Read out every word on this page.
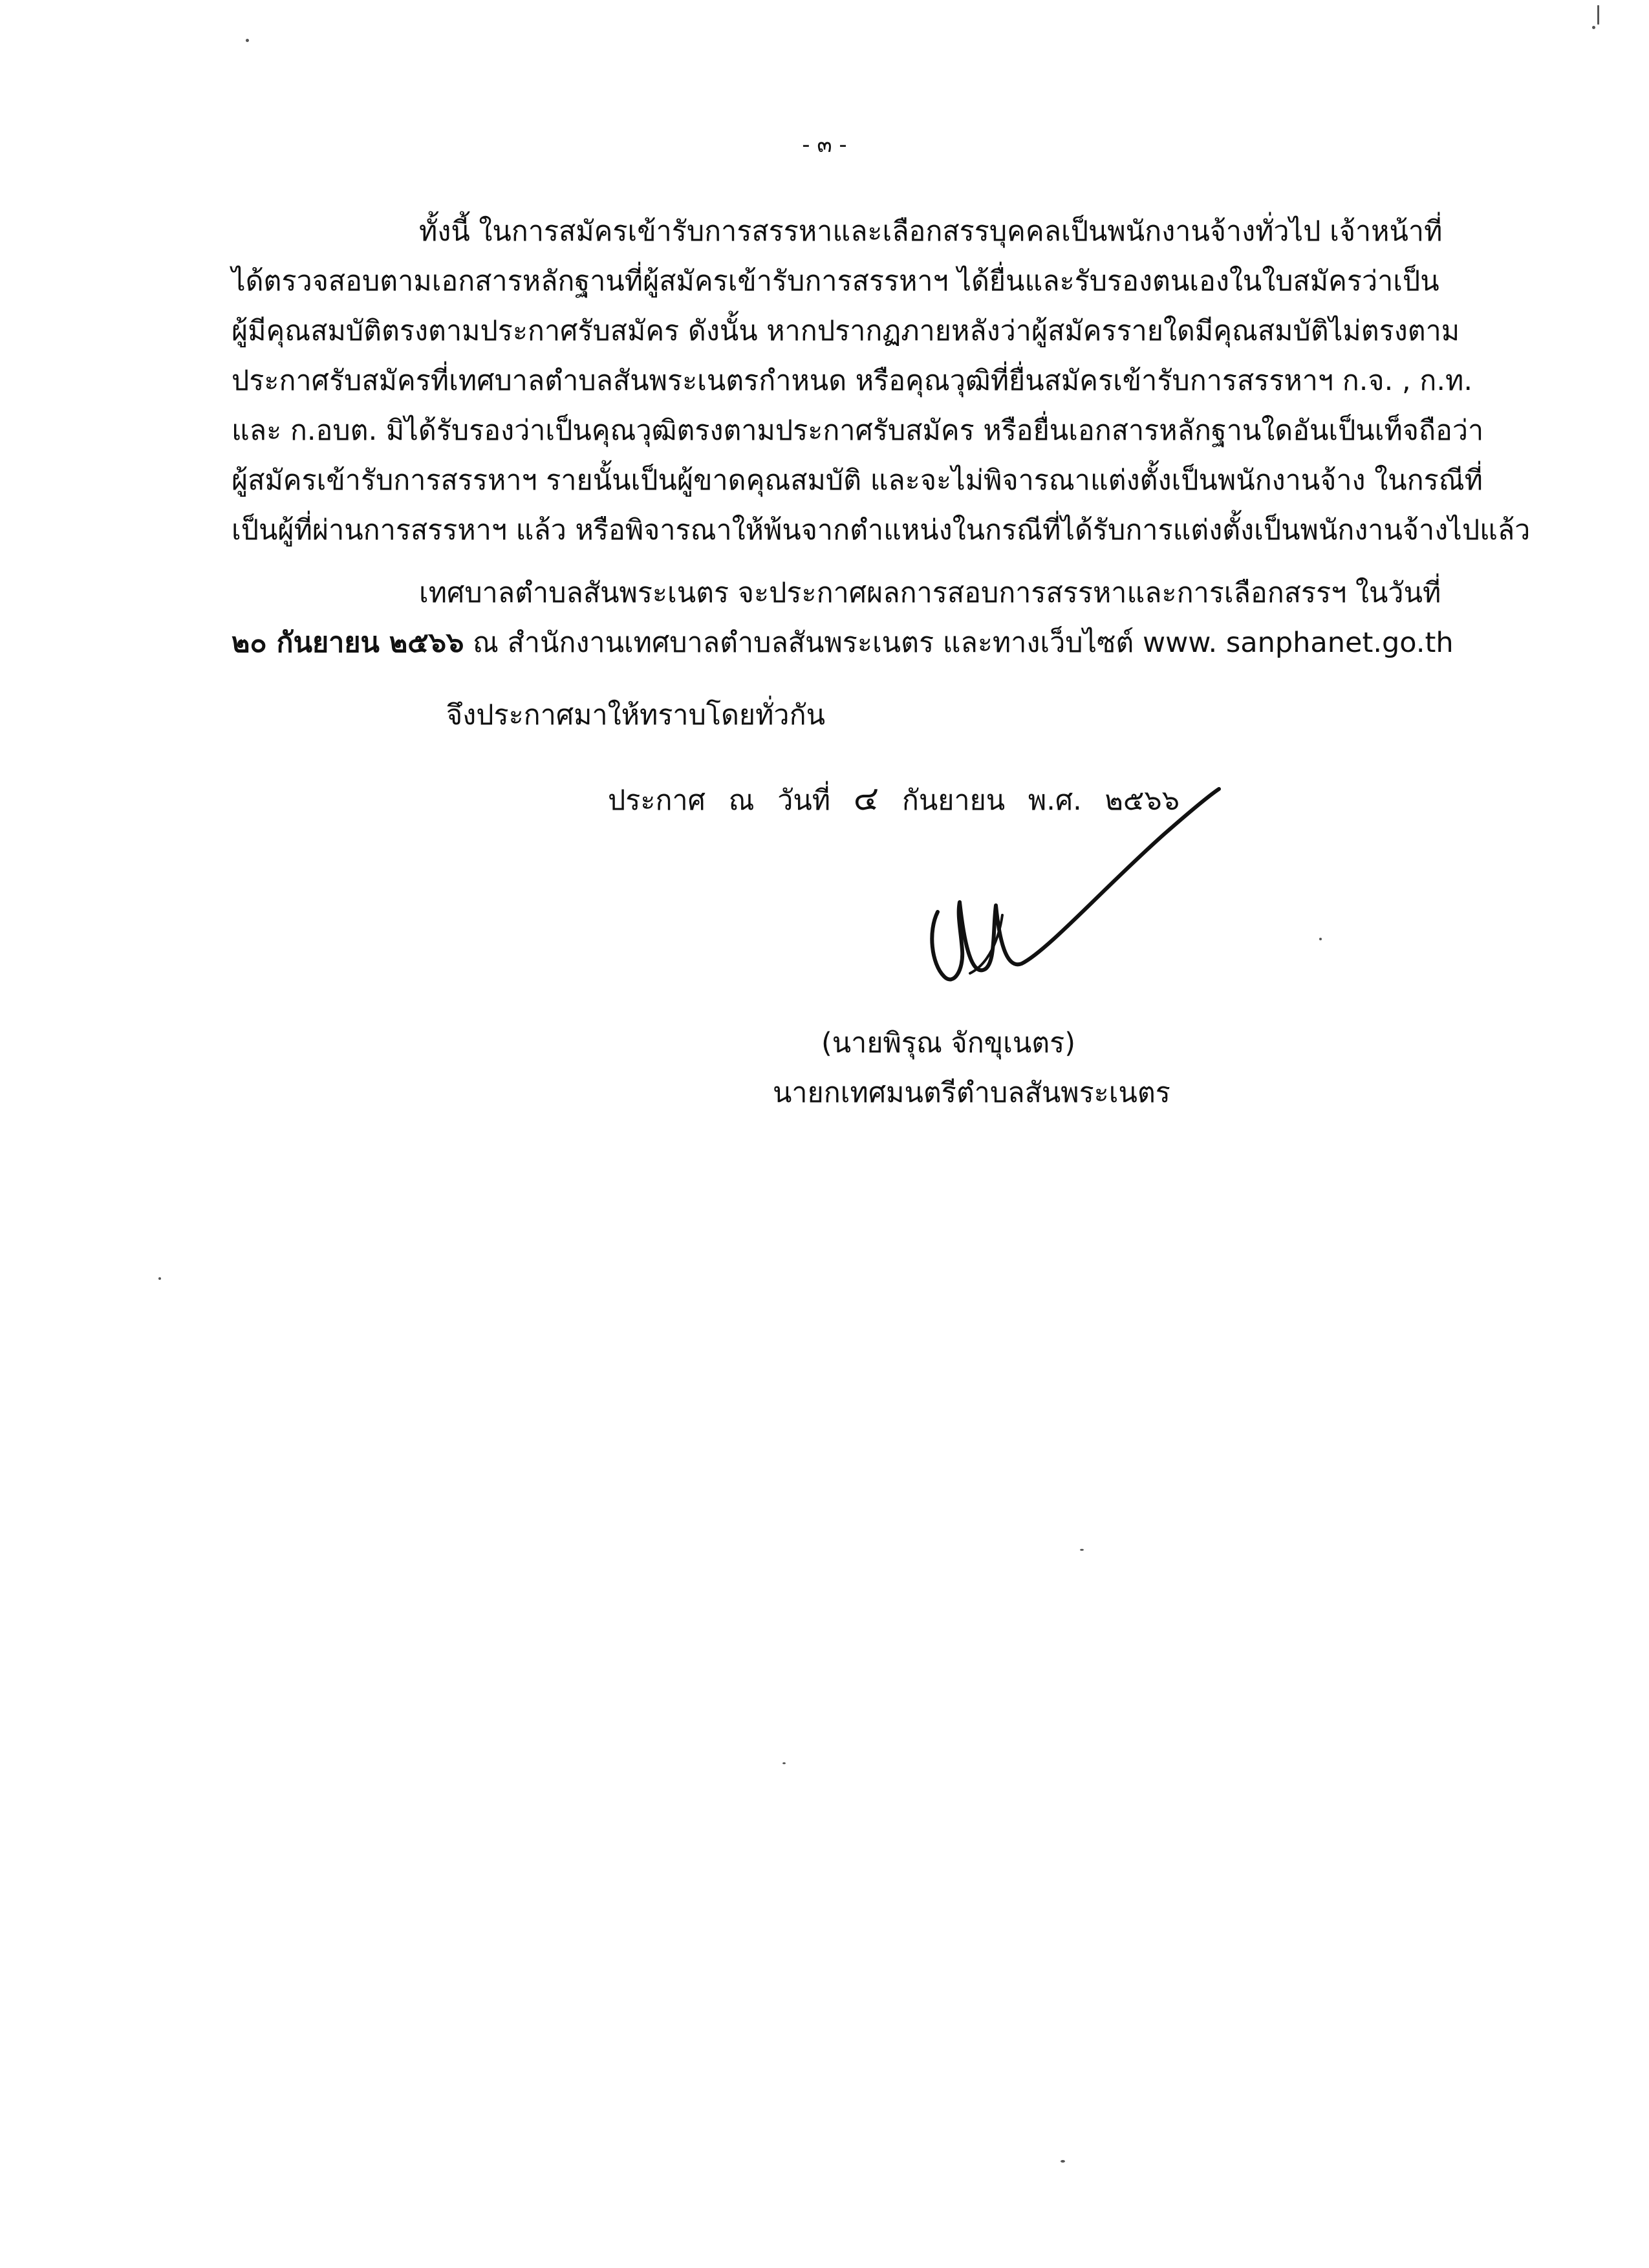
- ๓ -

ทั้งนี้ ในการสมัครเข้ารับการสรรหาและเลือกสรรบุคคลเป็นพนักงานจ้างทั่วไป เจ้าหน้าที่
ได้ตรวจสอบตามเอกสารหลักฐานที่ผู้สมัครเข้ารับการสรรหาฯ ได้ยื่นและรับรองตนเองในใบสมัครว่าเป็น
ผู้มีคุณสมบัติตรงตามประกาศรับสมัคร ดังนั้น หากปรากฏภายหลังว่าผู้สมัครรายใดมีคุณสมบัติไม่ตรงตาม
ประกาศรับสมัครที่เทศบาลตำบลสันพระเนตรกำหนด หรือคุณวุฒิที่ยื่นสมัครเข้ารับการสรรหาฯ ก.จ. , ก.ท.
และ ก.อบต. มิได้รับรองว่าเป็นคุณวุฒิตรงตามประกาศรับสมัคร หรือยื่นเอกสารหลักฐานใดอันเป็นเท็จถือว่า
ผู้สมัครเข้ารับการสรรหาฯ รายนั้นเป็นผู้ขาดคุณสมบัติ และจะไม่พิจารณาแต่งตั้งเป็นพนักงานจ้าง ในกรณีที่
เป็นผู้ที่ผ่านการสรรหาฯ แล้ว หรือพิจารณาให้พ้นจากตำแหน่งในกรณีที่ได้รับการแต่งตั้งเป็นพนักงานจ้างไปแล้ว

เทศบาลตำบลสันพระเนตร จะประกาศผลการสอบการสรรหาและการเลือกสรรฯ ในวันที่
๒๐ กันยายน ๒๕๖๖ ณ สำนักงานเทศบาลตำบลสันพระเนตร และทางเว็บไซต์ www. sanphanet.go.th

จึงประกาศมาให้ทราบโดยทั่วกัน
ประกาศ ณ วันที่ ๔ กันยายน พ.ศ. ๒๕๖๖
(นายพิรุณ จักขุเนตร)
นายกเทศมนตรีตำบลสันพระเนตร
